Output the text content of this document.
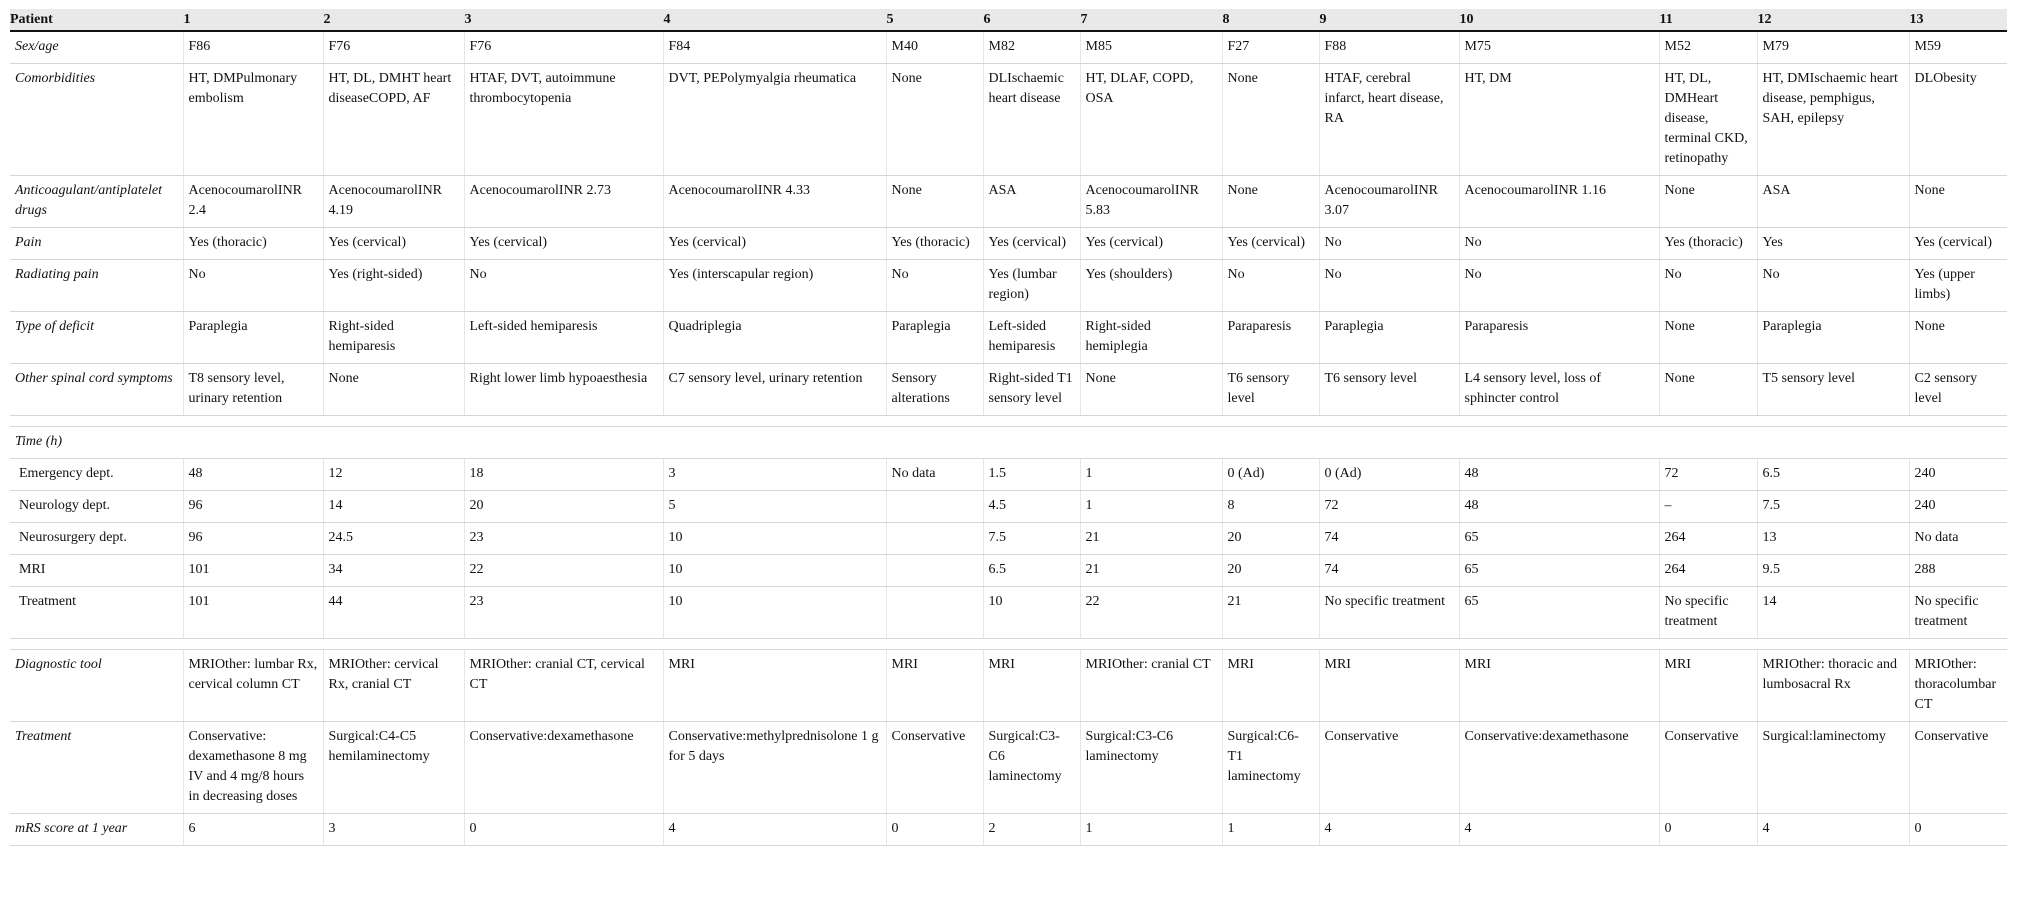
Patient	1	2	3	4	5	6	7	8	9	10	11	12	13
Sex/age	F86	F76	F76	F84	M40	M82	M85	F27	F88	M75	M52	M79	M59
Comorbidities	HT, DMPulmonary embolism	HT, DL, DMHT heart diseaseCOPD, AF	HTAF, DVT, autoimmune thrombocytopenia	DVT, PEPolymyalgia rheumatica	None	DLIschaemic heart disease	HT, DLAF, COPD, OSA	None	HTAF, cerebral infarct, heart disease, RA	HT, DM	HT, DL, DMHeart disease, terminal CKD, retinopathy	HT, DMIschaemic heart disease, pemphigus, SAH, epilepsy	DLObesity
Anticoagulant/antiplatelet drugs	AcenocoumarolINR 2.4	AcenocoumarolINR 4.19	AcenocoumarolINR 2.73	AcenocoumarolINR 4.33	None	ASA	AcenocoumarolINR 5.83	None	AcenocoumarolINR 3.07	AcenocoumarolINR 1.16	None	ASA	None
Pain	Yes (thoracic)	Yes (cervical)	Yes (cervical)	Yes (cervical)	Yes (thoracic)	Yes (cervical)	Yes (cervical)	Yes (cervical)	No	No	Yes (thoracic)	Yes	Yes (cervical)
Radiating pain	No	Yes (right-sided)	No	Yes (interscapular region)	No	Yes (lumbar region)	Yes (shoulders)	No	No	No	No	No	Yes (upper limbs)
Type of deficit	Paraplegia	Right-sided hemiparesis	Left-sided hemiparesis	Quadriplegia	Paraplegia	Left-sided hemiparesis	Right-sided hemiplegia	Paraparesis	Paraplegia	Paraparesis	None	Paraplegia	None
Other spinal cord symptoms	T8 sensory level, urinary retention	None	Right lower limb hypoaesthesia	C7 sensory level, urinary retention	Sensory alterations	Right-sided T1 sensory level	None	T6 sensory level	T6 sensory level	L4 sensory level, loss of sphincter control	None	T5 sensory level	C2 sensory level

Time (h)													
Emergency dept.	48	12	18	3	No data	1.5	1	0 (Ad)	0 (Ad)	48	72	6.5	240
Neurology dept.	96	14	20	5		4.5	1	8	72	48	–	7.5	240
Neurosurgery dept.	96	24.5	23	10		7.5	21	20	74	65	264	13	No data
MRI	101	34	22	10		6.5	21	20	74	65	264	9.5	288
Treatment	101	44	23	10		10	22	21	No specific treatment	65	No specific treatment	14	No specific treatment

Diagnostic tool	MRIOther: lumbar Rx, cervical column CT	MRIOther: cervical Rx, cranial CT	MRIOther: cranial CT, cervical CT	MRI	MRI	MRI	MRIOther: cranial CT	MRI	MRI	MRI	MRI	MRIOther: thoracic and lumbosacral Rx	MRIOther: thoracolumbar CT
Treatment	Conservative: dexamethasone 8 mg IV and 4 mg/8 hours in decreasing doses	Surgical:C4-C5 hemilaminectomy	Conservative:dexamethasone	Conservative:methylprednisolone 1 g for 5 days	Conservative	Surgical:C3-C6 laminectomy	Surgical:C3-C6 laminectomy	Surgical:C6-T1 laminectomy	Conservative	Conservative:dexamethasone	Conservative	Surgical:laminectomy	Conservative
mRS score at 1 year	6	3	0	4	0	2	1	1	4	4	0	4	0
